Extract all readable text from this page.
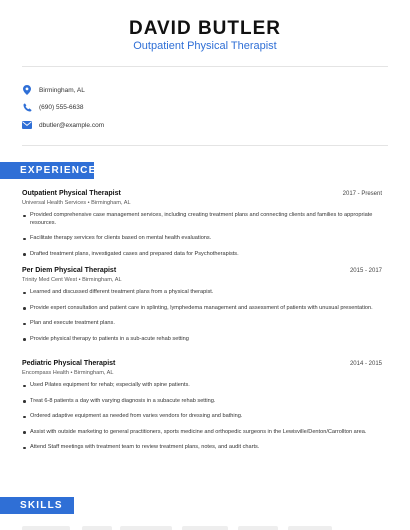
DAVID BUTLER
Outpatient Physical Therapist
Birmingham, AL
(690) 555-6638
dbutler@example.com
EXPERIENCE
Outpatient Physical Therapist	2017 - Present
Universal Health Services • Birmingham, AL
Provided comprehensive case management services, including creating treatment plans and connecting clients and families to appropriate resources.
Facilitate therapy services for clients based on mental health evaluations.
Drafted treatment plans, investigated cases and prepared data for Psychotherapists.
Per Diem Physical Therapist	2015 - 2017
Trinity Med Cent West • Birmingham, AL
Learned and discussed different treatment plans from a physical therapist.
Provide expert consultation and patient care in splinting, lymphedema management and assessment of patients with unusual presentation.
Plan and execute treatment plans.
Provide physical therapy to patients in a sub-acute rehab setting
Pediatric Physical Therapist	2014 - 2015
Encompass Health • Birmingham, AL
Used Pilates equipment for rehab; especially with spine patients.
Treat 6-8 patients a day with varying diagnosis in a subacute rehab setting.
Ordered adaptive equipment as needed from varies vendors for dressing and bathing.
Assist with outside marketing to general practitioners, sports medicine and orthopedic surgeons in the Lewisville/Denton/Carrollton area.
Attend Staff meetings with treatment team to review treatment plans, notes, and audit charts.
SKILLS
